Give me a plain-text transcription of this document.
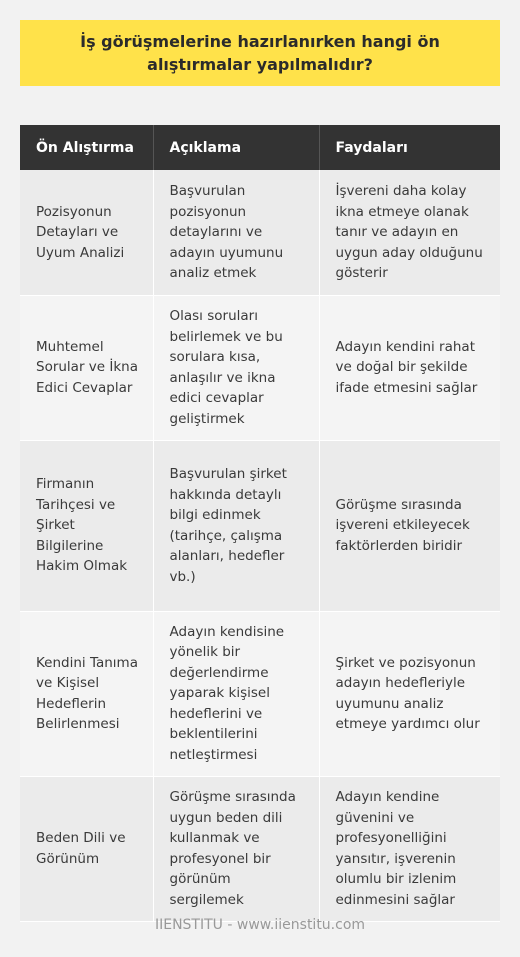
İş görüşmelerine hazırlanırken hangi ön alıştırmalar yapılmalıdır?
Ön Alıştırma	Açıklama	Faydaları
Pozisyonun Detayları ve Uyum Analizi	Başvurulan pozisyonun detaylarını ve adayın uyumunu analiz etmek	İşvereni daha kolay ikna etmeye olanak tanır ve adayın en uygun aday olduğunu gösterir
Muhtemel Sorular ve İkna Edici Cevaplar	Olası soruları belirlemek ve bu sorulara kısa, anlaşılır ve ikna edici cevaplar geliştirmek	Adayın kendini rahat ve doğal bir şekilde ifade etmesini sağlar
Firmanın Tarihçesi ve Şirket Bilgilerine Hakim Olmak	Başvurulan şirket hakkında detaylı bilgi edinmek (tarihçe, çalışma alanları, hedefler vb.)	Görüşme sırasında işvereni etkileyecek faktörlerden biridir
Kendini Tanıma ve Kişisel Hedeflerin Belirlenmesi	Adayın kendisine yönelik bir değerlendirme yaparak kişisel hedeflerini ve beklentilerini netleştirmesi	Şirket ve pozisyonun adayın hedefleriyle uyumunu analiz etmeye yardımcı olur
Beden Dili ve Görünüm	Görüşme sırasında uygun beden dili kullanmak ve profesyonel bir görünüm sergilemek	Adayın kendine güvenini ve profesyonelliğini yansıtır, işverenin olumlu bir izlenim edinmesini sağlar
IIENSTITU - www.iienstitu.com
